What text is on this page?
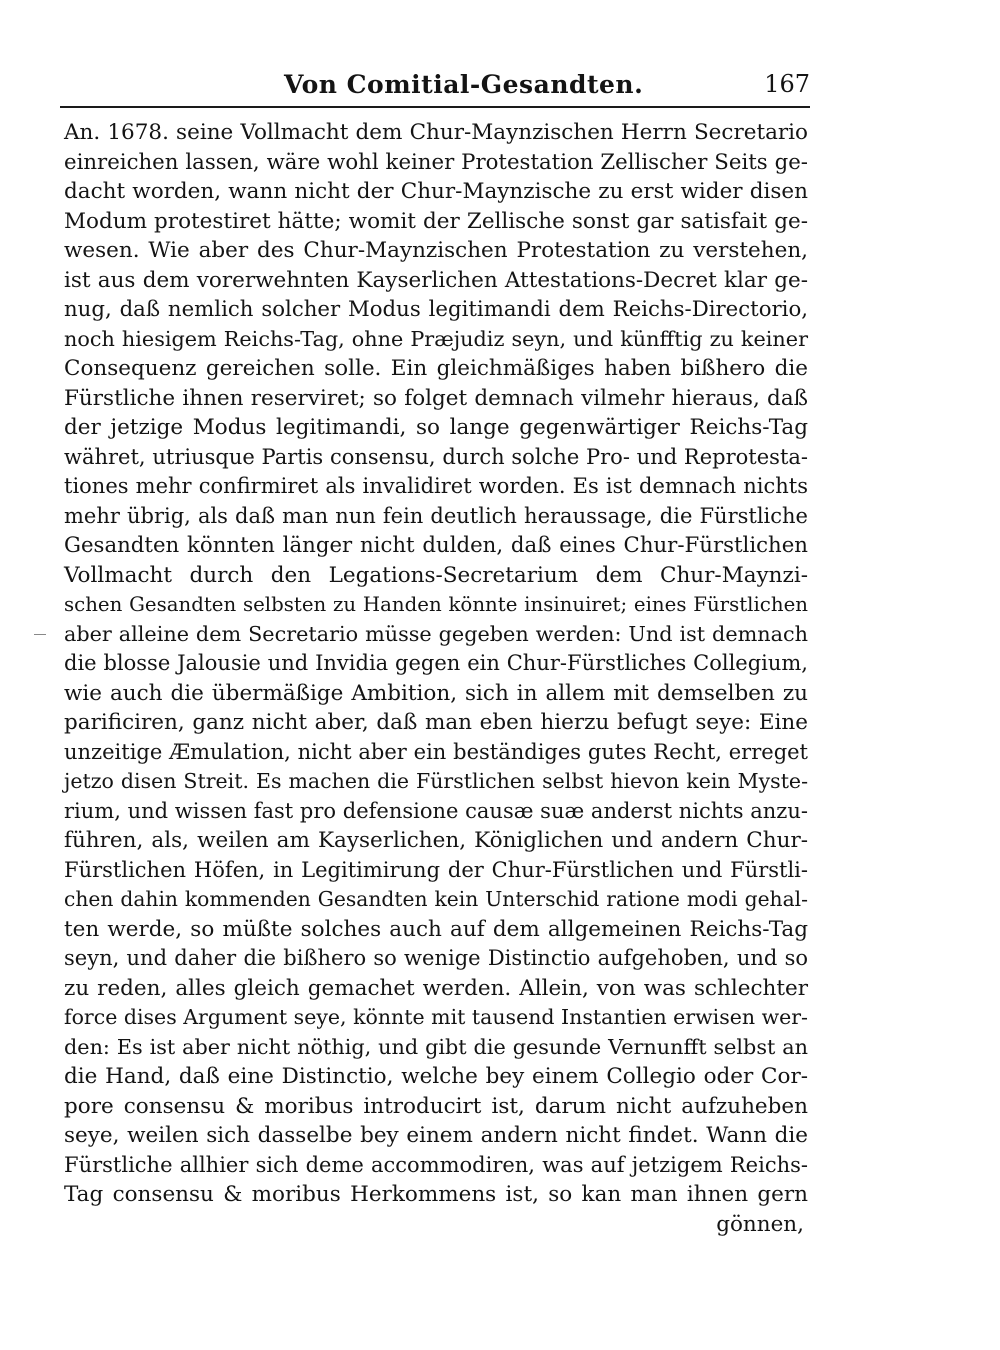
Von Comitial-Gesandten.	167
An. 1678. seine Vollmacht dem Chur-Maynzischen Herrn Secretario
einreichen lassen, wäre wohl keiner Protestation Zellischer Seits ge-
dacht worden, wann nicht der Chur-Maynzische zu erst wider disen
Modum protestiret hätte; womit der Zellische sonst gar satisfait ge-
wesen. Wie aber des Chur-Maynzischen Protestation zu verstehen,
ist aus dem vorerwehnten Kayserlichen Attestations-Decret klar ge-
nug, daß nemlich solcher Modus legitimandi dem Reichs-Directorio,
noch hiesigem Reichs-Tag, ohne Præjudiz seyn, und künfftig zu keiner
Consequenz gereichen solle. Ein gleichmäßiges haben bißhero die
Fürstliche ihnen reserviret; so folget demnach vilmehr hieraus, daß
der jetzige Modus legitimandi, so lange gegenwärtiger Reichs-Tag
währet, utriusque Partis consensu, durch solche Pro- und Reprotesta-
tiones mehr confirmiret als invalidiret worden. Es ist demnach nichts
mehr übrig, als daß man nun fein deutlich heraussage, die Fürstliche
Gesandten könnten länger nicht dulden, daß eines Chur-Fürstlichen
Vollmacht durch den Legations-Secretarium dem Chur-Maynzi-
schen Gesandten selbsten zu Handen könnte insinuiret; eines Fürstlichen
aber alleine dem Secretario müsse gegeben werden: Und ist demnach
die blosse Jalousie und Invidia gegen ein Chur-Fürstliches Collegium,
wie auch die übermäßige Ambition, sich in allem mit demselben zu
parificiren, ganz nicht aber, daß man eben hierzu befugt seye: Eine
unzeitige Æmulation, nicht aber ein beständiges gutes Recht, erreget
jetzo disen Streit. Es machen die Fürstlichen selbst hievon kein Myste-
rium, und wissen fast pro defensione causæ suæ anderst nichts anzu-
führen, als, weilen am Kayserlichen, Königlichen und andern Chur-
Fürstlichen Höfen, in Legitimirung der Chur-Fürstlichen und Fürstli-
chen dahin kommenden Gesandten kein Unterschid ratione modi gehal-
ten werde, so müßte solches auch auf dem allgemeinen Reichs-Tag
seyn, und daher die bißhero so wenige Distinctio aufgehoben, und so
zu reden, alles gleich gemachet werden. Allein, von was schlechter
force dises Argument seye, könnte mit tausend Instantien erwisen wer-
den: Es ist aber nicht nöthig, und gibt die gesunde Vernunfft selbst an
die Hand, daß eine Distinctio, welche bey einem Collegio oder Cor-
pore consensu & moribus introducirt ist, darum nicht aufzuheben
seye, weilen sich dasselbe bey einem andern nicht findet. Wann die
Fürstliche allhier sich deme accommodiren, was auf jetzigem Reichs-
Tag consensu & moribus Herkommens ist, so kan man ihnen gern
gönnen,
